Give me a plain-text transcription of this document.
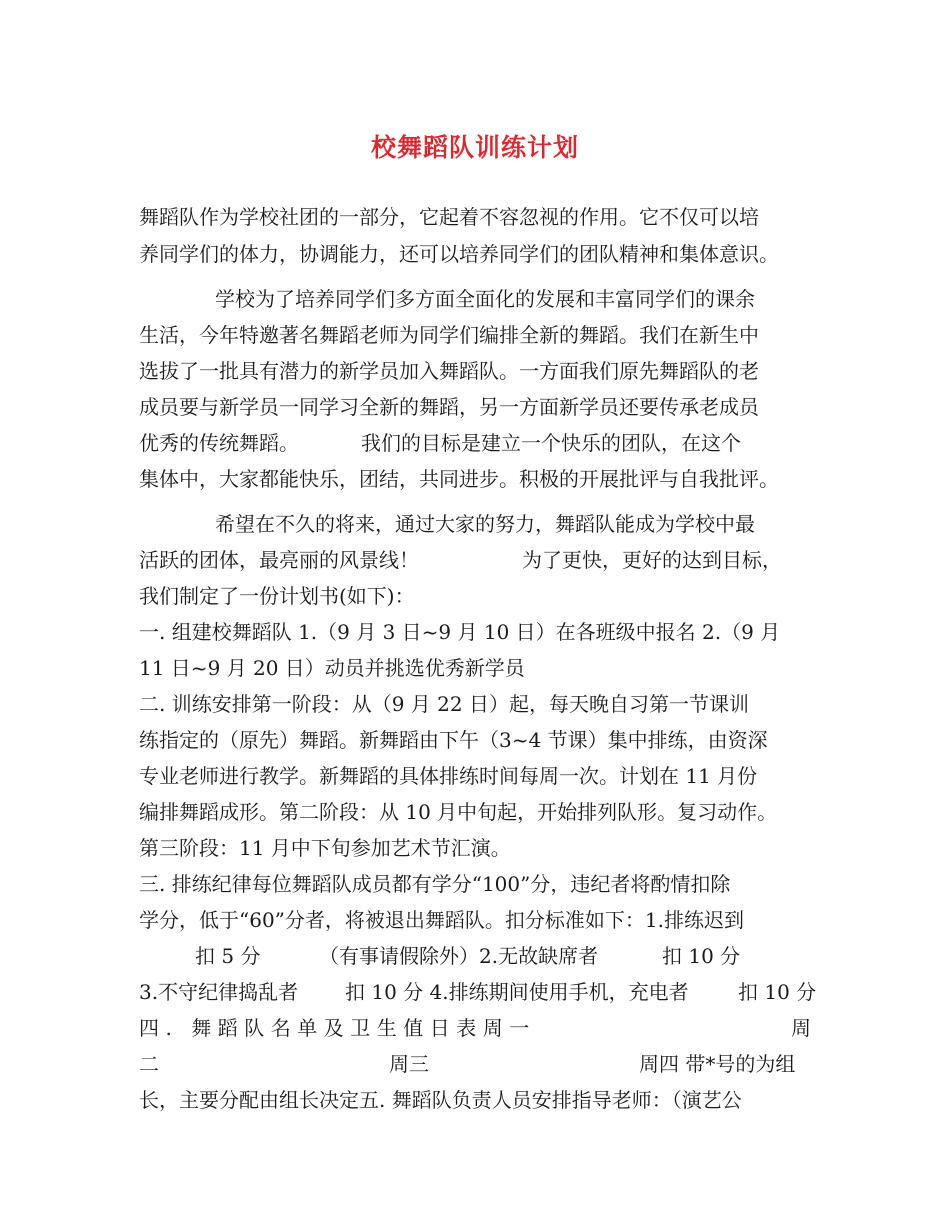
校舞蹈队训练计划
舞蹈队作为学校社团的一部分，它起着不容忽视的作用。它不仅可以培
养同学们的体力，协调能力，还可以培养同学们的团队精神和集体意识。
学校为了培养同学们多方面全面化的发展和丰富同学们的课余
生活，今年特邀著名舞蹈老师为同学们编排全新的舞蹈。我们在新生中
选拔了一批具有潜力的新学员加入舞蹈队。一方面我们原先舞蹈队的老
成员要与新学员一同学习全新的舞蹈，另一方面新学员还要传承老成员
优秀的传统舞蹈。	我们的目标是建立一个快乐的团队，在这个
集体中，大家都能快乐，团结，共同进步。积极的开展批评与自我批评。
希望在不久的将来，通过大家的努力，舞蹈队能成为学校中最
活跃的团体，最亮丽的风景线！	为了更快，更好的达到目标，
我们制定了一份计划书(如下)：
一. 组建校舞蹈队 1.（9 月 3 日~9 月 10 日）在各班级中报名 2.（9 月
11 日~9 月 20 日）动员并挑选优秀新学员
二. 训练安排第一阶段：从（9 月 22 日）起，每天晚自习第一节课训
练指定的（原先）舞蹈。新舞蹈由下午（3~4 节课）集中排练，由资深
专业老师进行教学。新舞蹈的具体排练时间每周一次。计划在 11 月份
编排舞蹈成形。第二阶段：从 10 月中旬起，开始排列队形。复习动作。
第三阶段：11 月中下旬参加艺术节汇演。
三. 排练纪律每位舞蹈队成员都有学分“100”分，违纪者将酌情扣除
学分，低于“60”分者，将被退出舞蹈队。扣分标准如下：1.排练迟到
扣 5 分	（有事请假除外）2.无故缺席者	扣 10 分
3.不守纪律捣乱者 扣 10 分 4.排练期间使用手机，充电者 扣 10 分
四. 舞蹈队名单及卫生值日表周一	周
二	周三	周四 带*号的为组
长，主要分配由组长决定五. 舞蹈队负责人员安排指导老师：（演艺公
